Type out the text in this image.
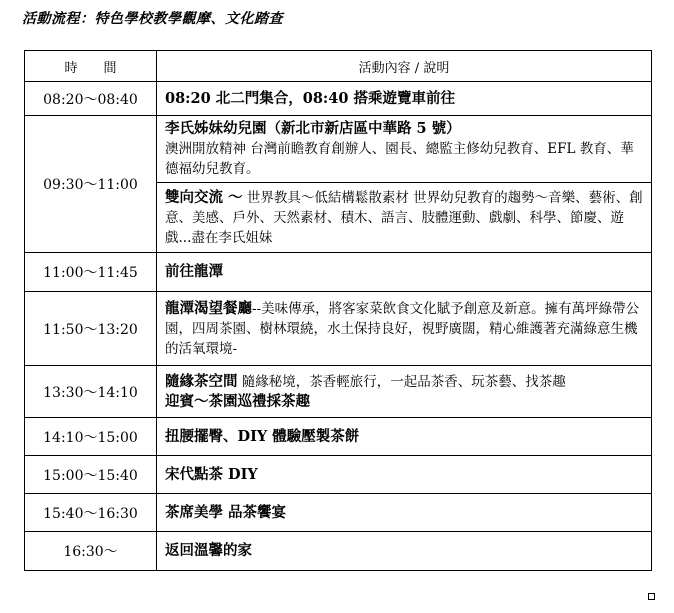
活動流程：特色學校教學觀摩、文化踏查
時　　間	活動內容 / 說明
08:20～08:40	08:20 北二門集合，08:40 搭乘遊覽車前往
09:30～11:00	李氏姊妹幼兒園（新北市新店區中華路 5 號）
澳洲開放精神 台灣前瞻教育創辦人、園長、總監主修幼兒教育、EFL 教育、華德福幼兒教育。
	雙向交流 ～ 世界教具～低結構鬆散素材 世界幼兒教育的趨勢～音樂、藝術、創意、美感、戶外、天然素材、積木、語言、肢體運動、戲劇、科學、節慶、遊戲...盡在李氏姐妹
11:00～11:45	前往龍潭
11:50～13:20	龍潭渴望餐廳--美味傳承，將客家菜飲食文化賦予創意及新意。擁有萬坪綠帶公園，四周茶園、樹林環繞，水土保持良好，視野廣闊，精心維護著充滿綠意生機的活氧環境-
13:30～14:10	隨緣茶空間 隨緣秘境，茶香輕旅行，一起品茶香、玩茶藝、找茶趣
迎賓～茶園巡禮採茶趣
14:10～15:00	扭腰擺臀、DIY 體驗壓製茶餅
15:00～15:40	宋代點茶 DIY
15:40～16:30	茶席美學 品茶饗宴
16:30～	返回溫馨的家
